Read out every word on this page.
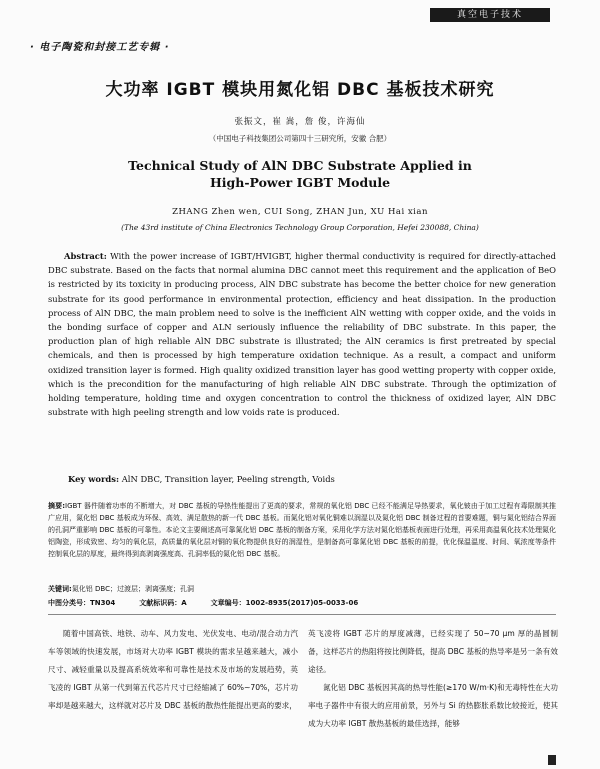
真空电子技术
· 电子陶瓷和封接工艺专辑 ·
大功率 IGBT 模块用氮化铝 DBC 基板技术研究
张振文，崔 嵩，詹 俊，许海仙
（中国电子科技集团公司第四十三研究所，安徽 合肥）
Technical Study of AlN DBC Substrate Applied in
High-Power IGBT Module
ZHANG Zhen wen, CUI Song, ZHAN Jun, XU Hai xian
(The 43rd institute of China Electronics Technology Group Corporation, Hefei 230088, China)

Abstract: With the power increase of IGBT/HVIGBT, higher thermal conductivity is required for directly-attached DBC substrate. Based on the facts that normal alumina DBC cannot meet this requirement and the application of BeO is restricted by its toxicity in producing process, AlN DBC substrate has become the better choice for new generation substrate for its good performance in environmental protection, efficiency and heat dissipation. In the production process of AlN DBC, the main problem need to solve is the inefficient AlN wetting with copper oxide, and the voids in the bonding surface of copper and ALN seriously influence the reliability of DBC substrate. In this paper, the production plan of high reliable AlN DBC substrate is illustrated; the AlN ceramics is first pretreated by special chemicals, and then is processed by high temperature oxidation technique. As a result, a compact and uniform oxidized transition layer is formed. High quality oxidized transition layer has good wetting property with copper oxide, which is the precondition for the manufacturing of high reliable AlN DBC substrate. Through the optimization of holding temperature, holding time and oxygen concentration to control the thickness of oxidized layer, AlN DBC substrate with high peeling strength and low voids rate is produced.

Key words: AlN DBC, Transition layer, Peeling strength, Voids

摘要:IGBT 器件随着功率的不断增大，对 DBC 基板的导热性能提出了更高的要求，常规的氧化铝 DBC 已经不能满足导热要求，氧化铍由于加工过程有毒限制其推广应用，氮化铝 DBC 基板成为环保、高效、满足散热的新一代 DBC 基板。而氮化铝对氧化铜难以润湿以及氮化铝 DBC 制备过程的首要难题，铜与氮化铝结合界面的孔洞严重影响 DBC 基板的可靠性。本论文主要阐述高可靠氮化铝 DBC 基板的制备方案，采用化学方法对氮化铝基板表面进行处理，再采用高温氧化技术处理氮化铝陶瓷，形成致密、均匀的氧化层，高质量的氧化层对铜的氧化物提供良好的润湿性，是制备高可靠氮化铝 DBC 基板的前提，优化保温温度、时间、氧浓度等条件控制氧化层的厚度，最终得到高剥离强度高、孔洞率低的氮化铝 DBC 基板。

关键词:氮化铝 DBC；过渡层；剥离强度；孔洞
中图分类号：TN304	文献标识码：A	文章编号：1002-8935(2017)05-0033-06

随着中国高铁、地铁、动车、风力发电、光伏发电、电动/混合动力汽车等领域的快速发展，市场对大功率 IGBT 模块的需求呈越来越大，减小尺寸、减轻重量以及提高系统效率和可靠性是技术及市场的发展趋势，英飞凌的 IGBT 从第一代到第五代芯片尺寸已经缩减了 60%~70%，芯片功率却是越来越大，这样就对芯片及 DBC 基板的散热性能提出更高的要求，

英飞凌将 IGBT 芯片的厚度减薄，已经实现了 50~70 μm 厚的晶圆制备，这样芯片的热阻将按比例降低，提高 DBC 基板的热导率是另一条有效途径。

氮化铝 DBC 基板因其高的热导性能(≥170 W/m·K)和无毒特性在大功率电子器件中有很大的应用前景，另外与 Si 的热膨胀系数比较接近，使其成为大功率 IGBT 散热基板的最佳选择，能够
